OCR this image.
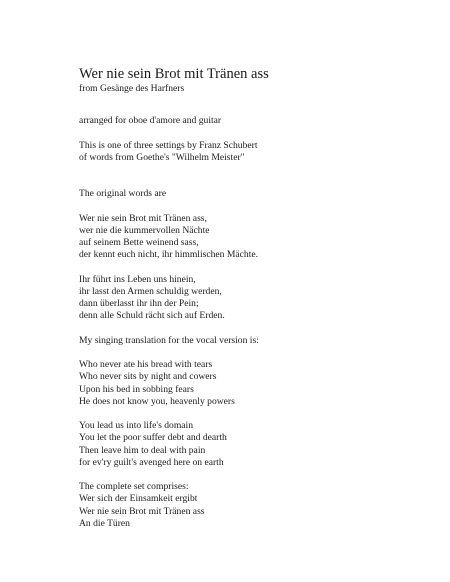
Wer nie sein Brot mit Tränen ass

from Gesänge des Harfners

arranged for oboe d'amore and guitar

This is one of three settings by Franz Schubert

of words from Goethe's "Wilhelm Meister"

The original words are

Wer nie sein Brot mit Tränen ass,

wer nie die kummervollen Nächte

auf seinem Bette weinend sass,

der kennt euch nicht, ihr himmlischen Mächte.

Ihr führt ins Leben uns hinein,

ihr lasst den Armen schuldig werden,

dann überlasst ihr ihn der Pein;

denn alle Schuld rächt sich auf Erden.

My singing translation for the vocal version is:

Who never ate his bread with tears

Who never sits by night and cowers

Upon his bed in sobbing fears

He does not know you, heavenly powers

You lead us into life's domain

You let the poor suffer debt and dearth

Then leave him to deal with pain

for ev'ry guilt's avenged here on earth

The complete set comprises:

Wer sich der Einsamkeit ergibt

Wer nie sein Brot mit Tränen ass

An die Türen
